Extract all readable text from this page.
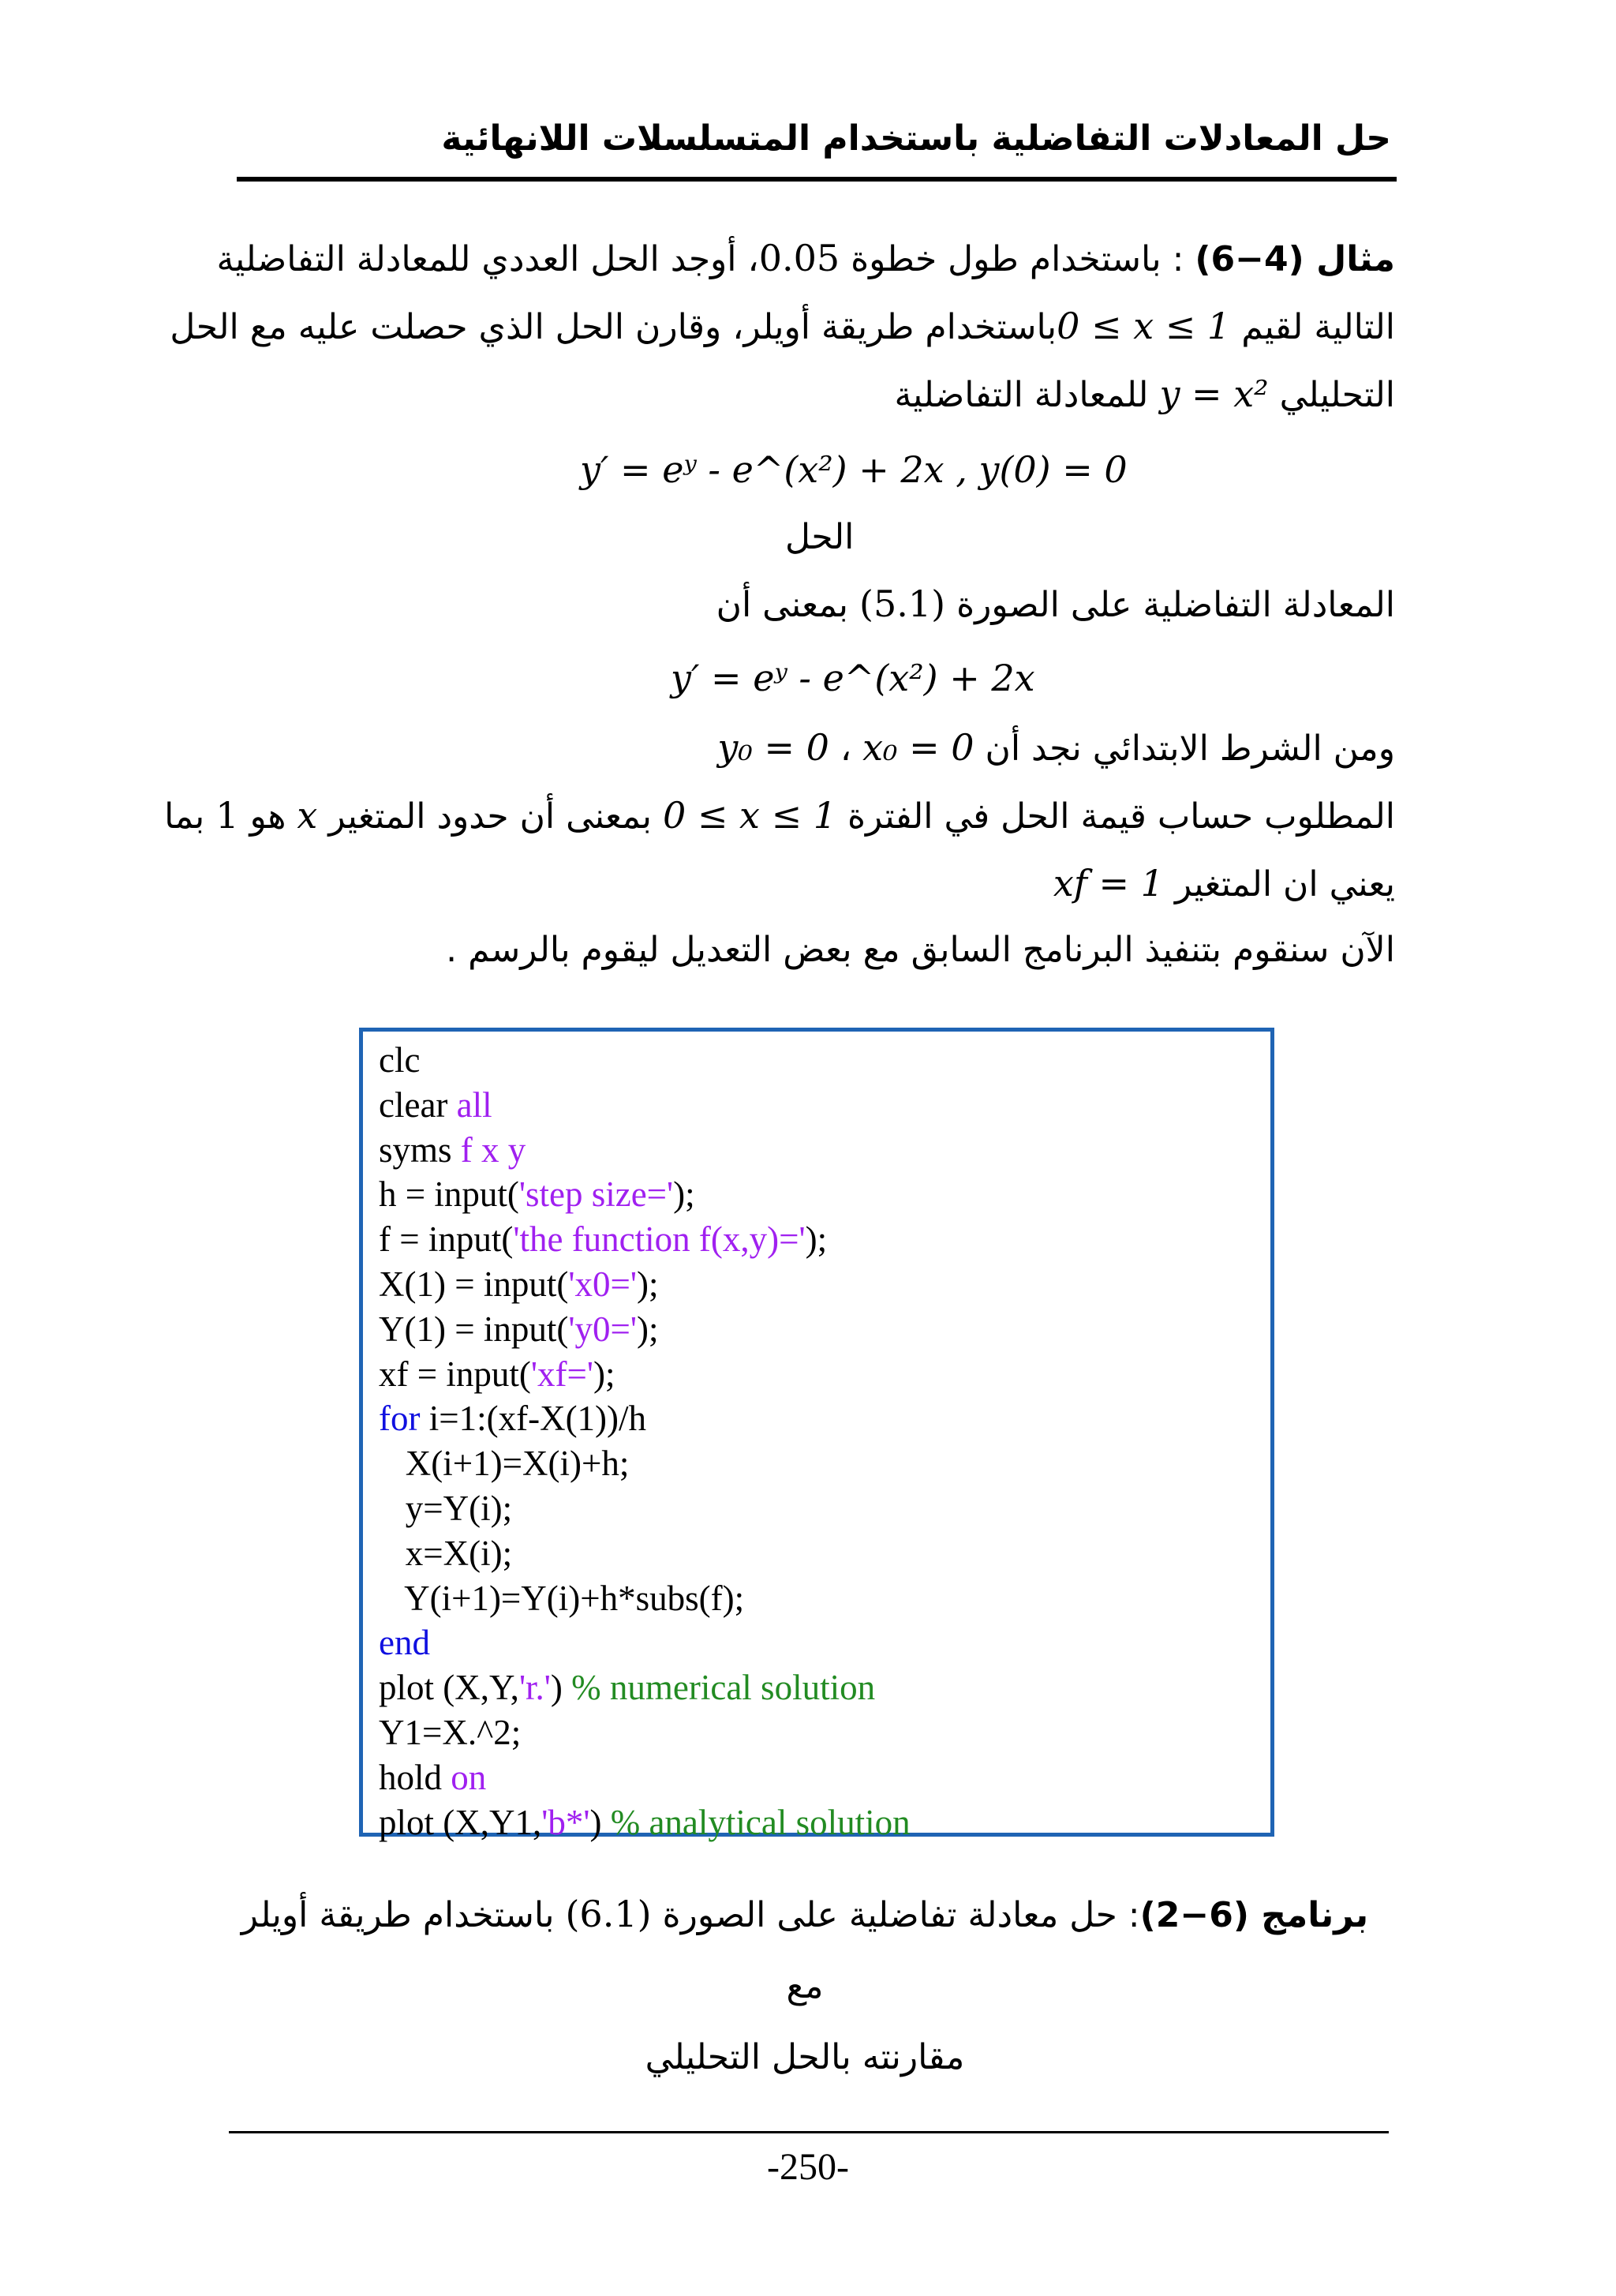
حل المعادلات التفاضلية باستخدام المتسلسلات اللانهائية
مثال (4−6) : باستخدام طول خطوة 0.05، أوجد الحل العددي للمعادلة التفاضلية
التالية لقيم 0 ≤ x ≤ 1باستخدام طريقة أويلر، وقارن الحل الذي حصلت عليه مع الحل
التحليلي y = x² للمعادلة التفاضلية
y′ = eʸ - e^(x²) + 2x , y(0) = 0
الحل
المعادلة التفاضلية على الصورة (5.1) بمعنى أن
y′ = eʸ - e^(x²) + 2x
ومن الشرط الابتدائي نجد أن x₀ = 0 ، y₀ = 0
المطلوب حساب قيمة الحل في الفترة 0 ≤ x ≤ 1 بمعنى أن حدود المتغير x هو 1 بما
يعني ان المتغير xf = 1
الآن سنقوم بتنفيذ البرنامج السابق مع بعض التعديل ليقوم بالرسم .
clc
clear all
syms f x y
h = input('step size=');
f = input('the function f(x,y)=');
X(1) = input('x0=');
Y(1) = input('y0=');
xf = input('xf=');
for i=1:(xf-X(1))/h
X(i+1)=X(i)+h;
y=Y(i);
x=X(i);
Y(i+1)=Y(i)+h*subs(f);
end
plot (X,Y,'r.') % numerical solution
Y1=X.^2;
hold on
plot (X,Y1,'b*') % analytical solution
برنامج (6−2): حل معادلة تفاضلية على الصورة (6.1) باستخدام طريقة أويلر مع
مقارنته بالحل التحليلي
-250-
